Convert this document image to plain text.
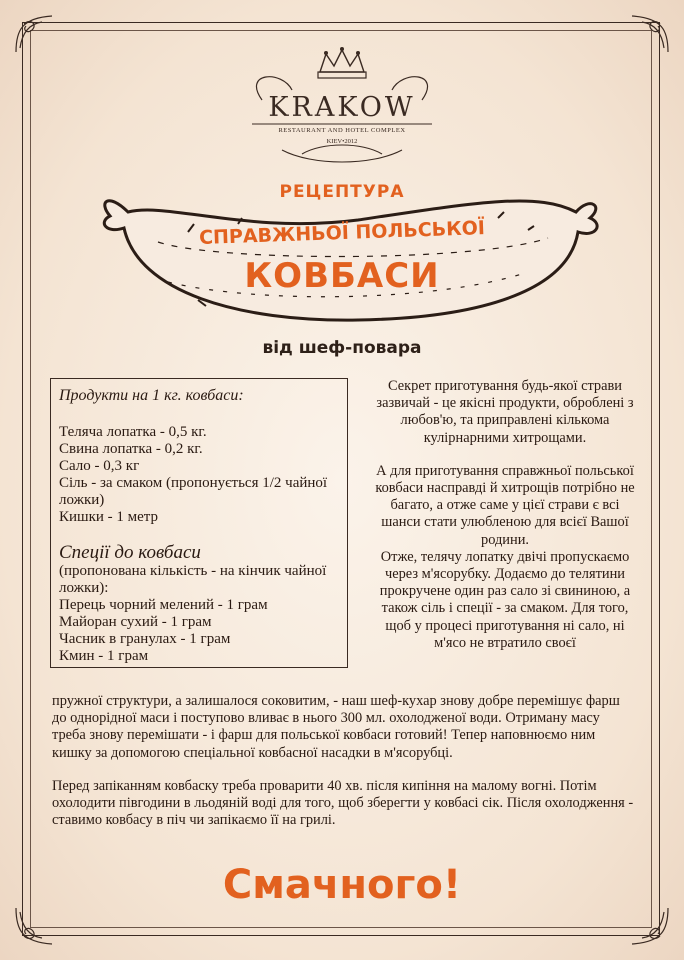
KRAKOW
RESTAURANT AND HOTEL COMPLEX
KIEV•2012
РЕЦЕПТУРА
СПРАВЖНЬОЇ ПОЛЬСЬКОЇ
КОВБАСИ
від шеф-повара
Продукти на 1 кг. ковбаси:

Теляча лопатка - 0,5 кг.

Свина лопатка - 0,2 кг.

Сало - 0,3 кг

Сіль - за смаком (пропонується 1/2 чайної ложки)

Кишки - 1 метр

Спеції до ковбаси

(пропонована кількість - на кінчик чайної ложки):

Перець чорний мелений - 1 грам

Майоран сухий - 1 грам

Часник в гранулах - 1 грам

Кмин - 1 грам

Секрет приготування будь-якої страви зазвичай - це якісні продукти, оброблені з любов'ю, та приправлені кількома кулірнарними хитрощами.

А для приготування справжньої польської ковбаси насправді й хитрощів потрібно не багато, а отже саме у цієї страви є всі шанси стати улюбленою для всієї Вашої родини.

Отже, телячу лопатку двічі пропускаємо через м'ясорубку. Додаємо до телятини прокручене один раз сало зі свининою, а також сіль і спеції - за смаком. Для того, щоб у процесі приготування ні сало, ні м'ясо не втратило своєї

пружної структури, а залишалося соковитим, - наш шеф-кухар знову добре перемішує фарш до однорідної маси і поступово вливає в нього 300 мл. охолодженої води. Отриману масу треба знову перемішати - і фарш для польської ковбаси готовий! Тепер наповнюємо ним кишку за допомогою спеціальної ковбасної насадки в м'ясорубці.

Перед запіканням ковбаску треба проварити 40 хв. після кипіння на малому вогні. Потім охолодити півгодини в льодяній воді для того, щоб зберегти у ковбасі сік. Після охолодження - ставимо ковбасу в піч чи запікаємо її на грилі.

Смачного!
